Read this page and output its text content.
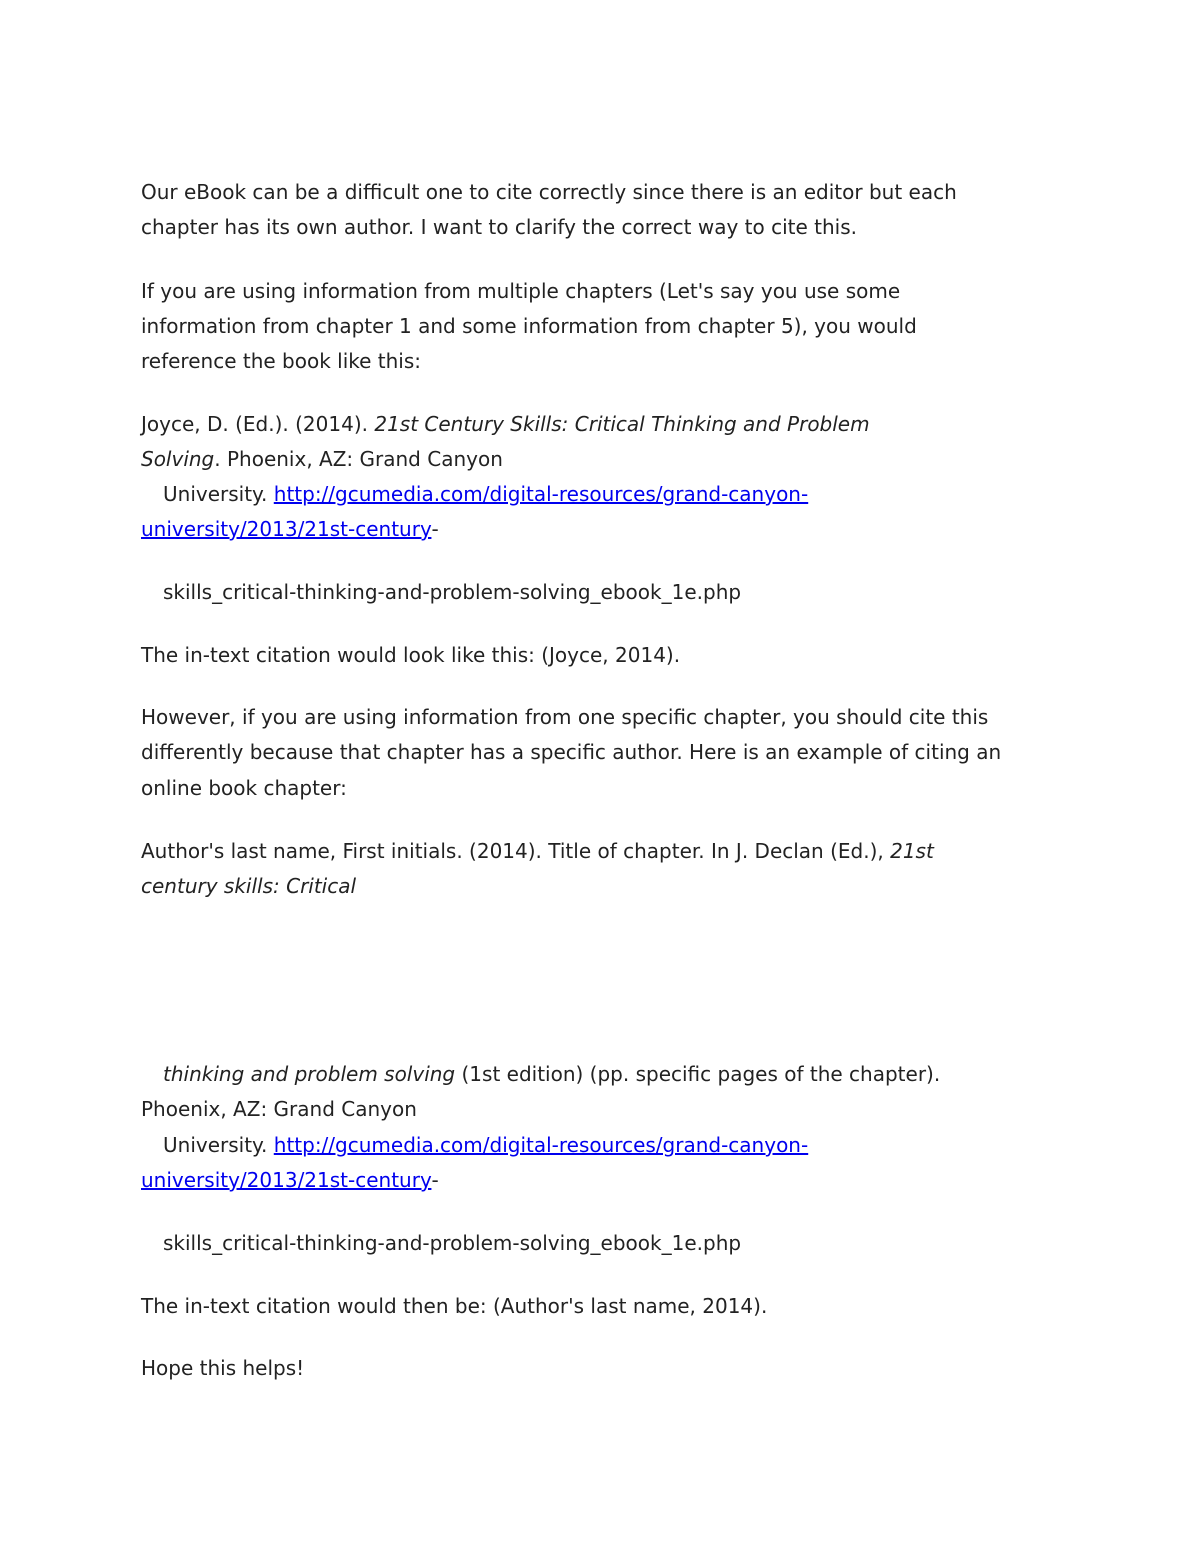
Our eBook can be a difficult one to cite correctly since there is an editor but each
chapter has its own author. I want to clarify the correct way to cite this.
If you are using information from multiple chapters (Let's say you use some
information from chapter 1 and some information from chapter 5), you would
reference the book like this:
Joyce, D. (Ed.). (2014). 21st Century Skills: Critical Thinking and Problem
Solving. Phoenix, AZ: Grand Canyon
University. http://gcumedia.com/digital-resources/grand-canyon-
university/2013/21st-century-
skills_critical-thinking-and-problem-solving_ebook_1e.php
The in-text citation would look like this: (Joyce, 2014).
However, if you are using information from one specific chapter, you should cite this
differently because that chapter has a specific author. Here is an example of citing an
online book chapter:
Author's last name, First initials. (2014). Title of chapter. In J. Declan (Ed.), 21st
century skills: Critical
thinking and problem solving (1st edition) (pp. specific pages of the chapter).
Phoenix, AZ: Grand Canyon
University. http://gcumedia.com/digital-resources/grand-canyon-
university/2013/21st-century-
skills_critical-thinking-and-problem-solving_ebook_1e.php
The in-text citation would then be: (Author's last name, 2014).
Hope this helps!
